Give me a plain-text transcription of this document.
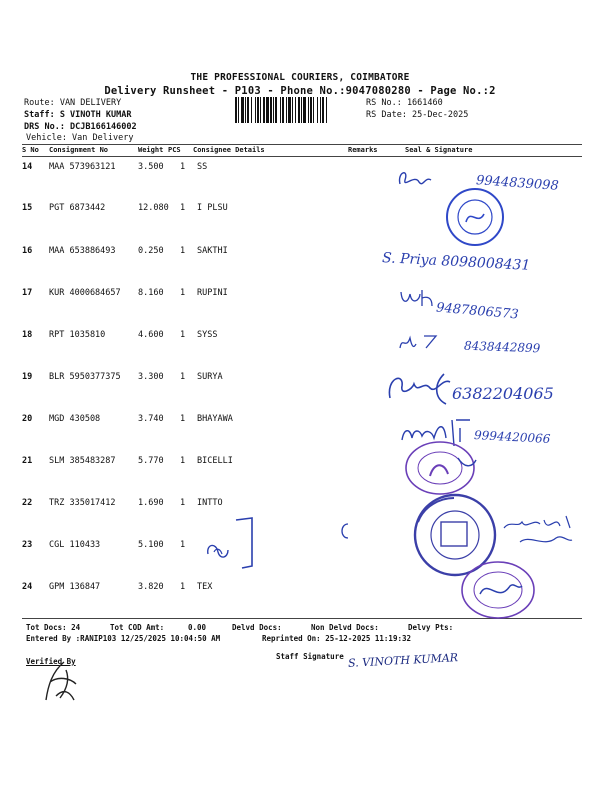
THE PROFESSIONAL COURIERS, COIMBATORE
Delivery Runsheet - P103 - Phone No.:9047080280 - Page No.:2
Route: VAN DELIVERY
Staff: S VINOTH KUMAR
DRS No.: DCJB166146002
Vehicle: Van Delivery
RS No.: 1661460
RS Date: 25-Dec-2025
S No Consignment No	Weight PCS Consignee Details	Remarks	Seal & Signature
14 MAA 573963121	3.500 1 SS
15 PGT 6873442	12.080 1 I PLSU
16 MAA 653886493	0.250 1 SAKTHI
17 KUR 4000684657 8.160 1 RUPINI
18 RPT 1035810	4.600 1 SYSS
19 BLR 5950377375 3.300 1 SURYA
20 MGD 430508	3.740 1 BHAYAWA
21 SLM 385483287	5.770 1 BICELLI
22 TRZ 335017412	1.690 1 INTTO
23 CGL 110433	5.100 1
24 GPM 136847	3.820 1 TEX
Tot Docs: 24	Tot COD Amt:	0.00	Delvd Docs:	Non Delvd Docs:	Delvy Pts:
Entered By :RANIP103 12/25/2025 10:04:50 AM	Reprinted On: 25-12-2025 11:19:32
Verified By
Staff Signature
9944839098
S. Priya 8098008431
9487806573
8438442899
6382204065
9994420066
S. VINOTH KUMAR
